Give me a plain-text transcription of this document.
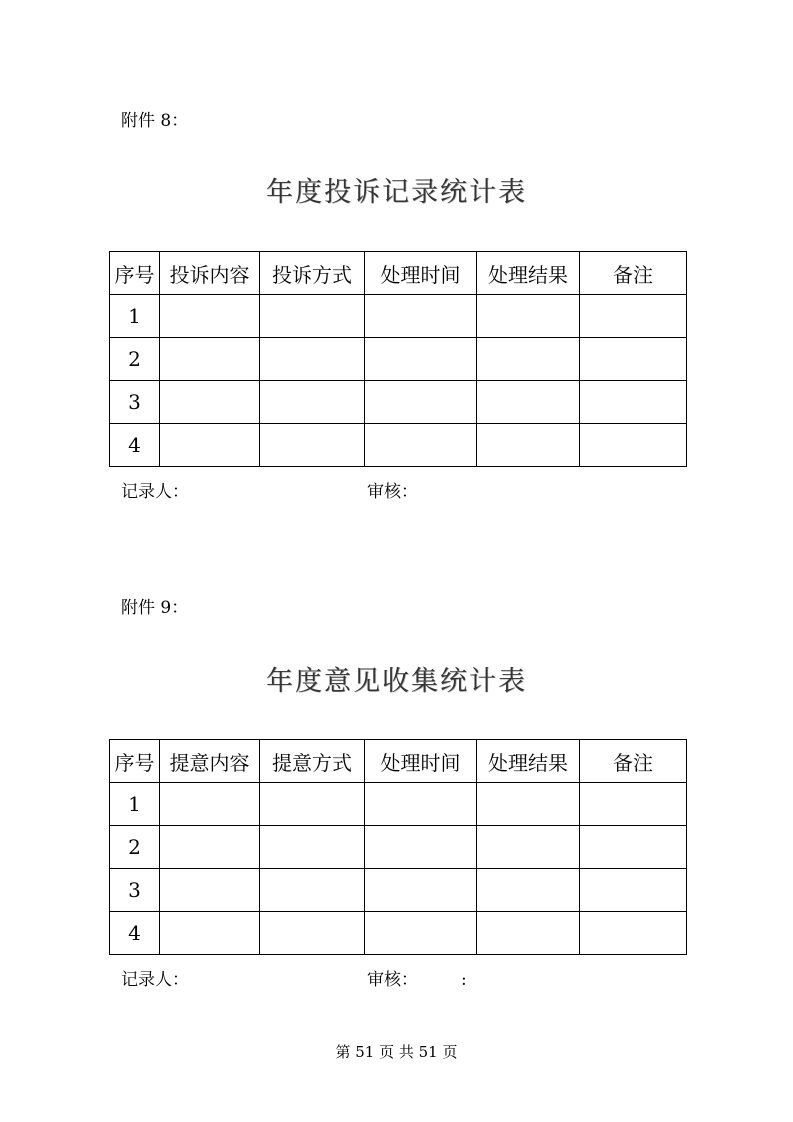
附件 8：
年度投诉记录统计表
序号	投诉内容	投诉方式	处理时间	处理结果	备注
1					
2					
3					
4					
记录人：	审核：
附件 9：
年度意见收集统计表
序号	提意内容	提意方式	处理时间	处理结果	备注
1					
2					
3					
4					
记录人：	审核：	:
第 51 页 共 51 页
